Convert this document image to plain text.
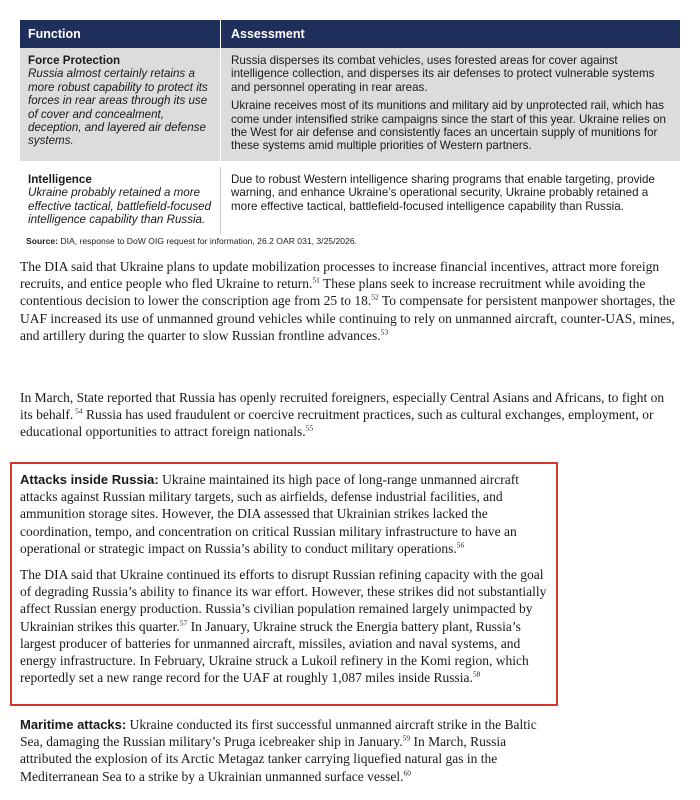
Function	Assessment
Force Protection
Russia almost certainly retains a more robust capability to protect its forces in rear areas through its use of cover and concealment, deception, and layered air defense systems.

Russia disperses its combat vehicles, uses forested areas for cover against intelligence collection, and disperses its air defenses to protect vulnerable systems and personnel operating in rear areas.

Ukraine receives most of its munitions and military aid by unprotected rail, which has come under intensified strike campaigns since the start of this year. Ukraine relies on the West for air defense and consistently faces an uncertain supply of munitions for these systems amid multiple priorities of Western partners.

Intelligence
Ukraine probably retained a more effective tactical, battlefield-focused intelligence capability than Russia.

Due to robust Western intelligence sharing programs that enable targeting, provide warning, and enhance Ukraine’s operational security, Ukraine probably retained a more effective tactical, battlefield-focused intelligence capability than Russia.

Source: DIA, response to DoW OIG request for information, 26.2 OAR 031, 3/25/2026.

The DIA said that Ukraine plans to update mobilization processes to increase financial incentives, attract more foreign recruits, and entice people who fled Ukraine to return.$^{51}$ These plans seek to increase recruitment while avoiding the contentious decision to lower the conscription age from 25 to 18.52 To compensate for persistent manpower shortages, the UAF increased its use of unmanned ground vehicles while continuing to rely on unmanned aircraft, counter-UAS, mines, and artillery during the quarter to slow Russian frontline advances.$^{53}$

In March, State reported that Russia has openly recruited foreigners, especially Central Asians and Africans, to fight on its behalf. $^{54}$ Russia has used fraudulent or coercive recruitment practices, such as cultural exchanges, employment, or educational opportunities to attract foreign nationals.$^{55}$

Attacks inside Russia: Ukraine maintained its high pace of long-range unmanned aircraft attacks against Russian military targets, such as airfields, defense industrial facilities, and ammunition storage sites. However, the DIA assessed that Ukrainian strikes lacked the coordination, tempo, and concentration on critical Russian military infrastructure to have an operational or strategic impact on Russia’s ability to conduct military operations.$^{56}$

The DIA said that Ukraine continued its efforts to disrupt Russian refining capacity with the goal of degrading Russia’s ability to finance its war effort. However, these strikes did not substantially affect Russian energy production. Russia’s civilian population remained largely unimpacted by Ukrainian strikes this quarter.$^{57}$ In January, Ukraine struck the Energia battery plant, Russia’s largest producer of batteries for unmanned aircraft, missiles, aviation and naval systems, and energy infrastructure. In February, Ukraine struck a Lukoil refinery in the Komi region, which reportedly set a new range record for the UAF at roughly 1,087 miles inside Russia.$^{58}$

Maritime attacks: Ukraine conducted its first successful unmanned aircraft strike in the Baltic Sea, damaging the Russian military’s Pruga icebreaker ship in January.$^{59}$ In March, Russia attributed the explosion of its Arctic Metagaz tanker carrying liquefied natural gas in the Mediterranean Sea to a strike by a Ukrainian unmanned surface vessel.$^{60}$
